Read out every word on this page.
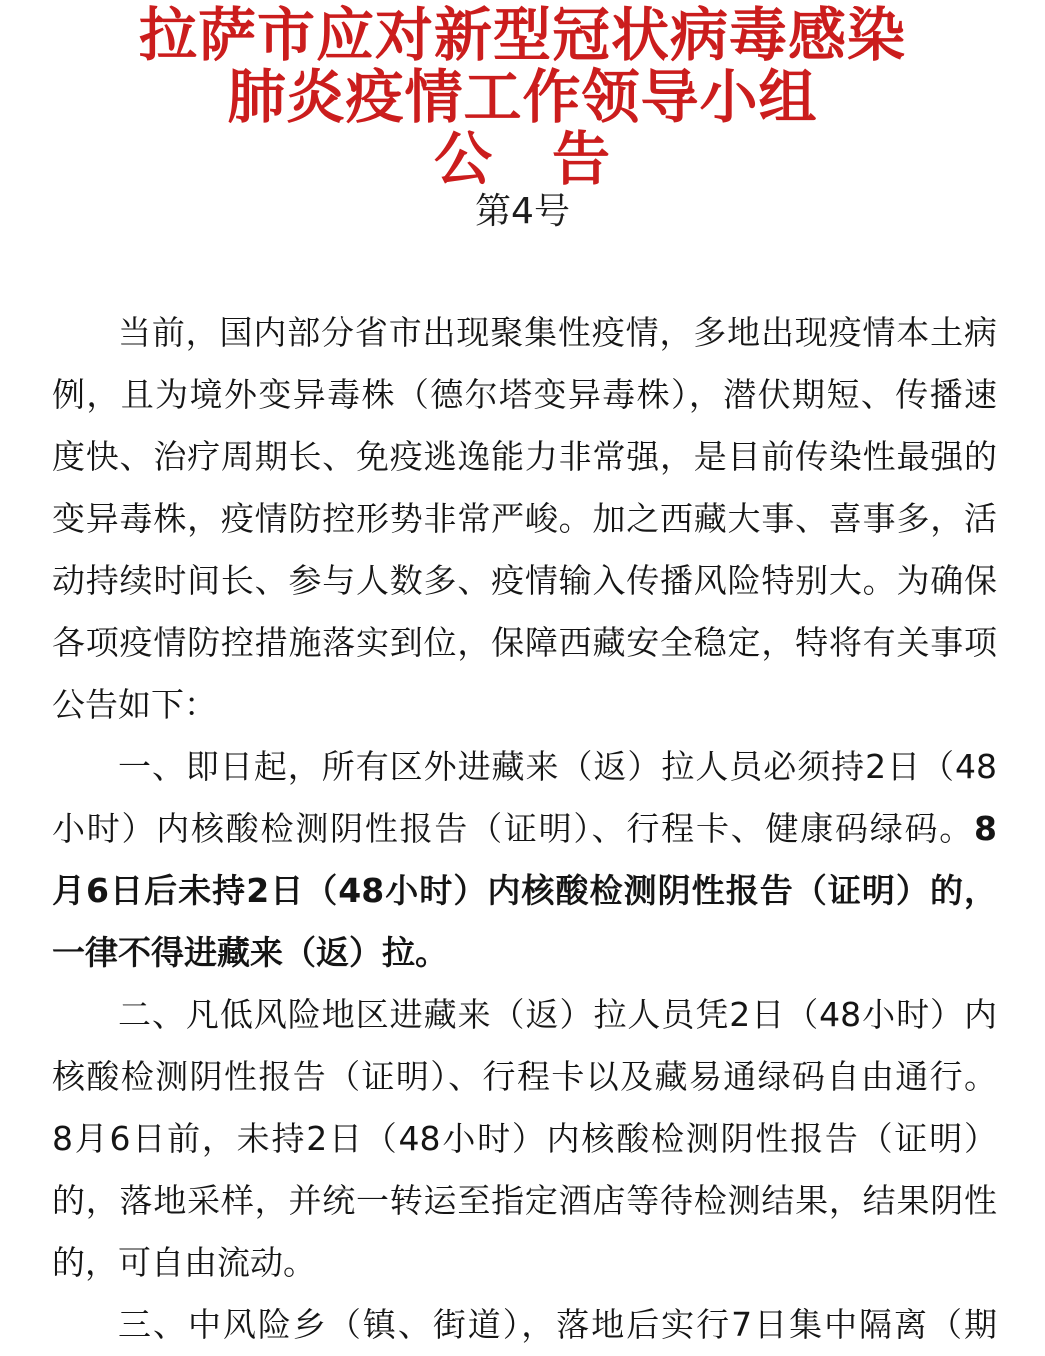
拉萨市应对新型冠状病毒感染
肺炎疫情工作领导小组
公　告
第4号
当前，国内部分省市出现聚集性疫情，多地出现疫情本土病
例，且为境外变异毒株（德尔塔变异毒株），潜伏期短、传播速
度快、治疗周期长、免疫逃逸能力非常强，是目前传染性最强的
变异毒株，疫情防控形势非常严峻。加之西藏大事、喜事多，活
动持续时间长、参与人数多、疫情输入传播风险特别大。为确保
各项疫情防控措施落实到位，保障西藏安全稳定，特将有关事项
公告如下：
一、即日起，所有区外进藏来（返）拉人员必须持2日（48
小时）内核酸检测阴性报告（证明）、行程卡、健康码绿码。8
月6日后未持2日（48小时）内核酸检测阴性报告（证明）的，
一律不得进藏来（返）拉。
二、凡低风险地区进藏来（返）拉人员凭2日（48小时）内
核酸检测阴性报告（证明）、行程卡以及藏易通绿码自由通行。
8月6日前，未持2日（48小时）内核酸检测阴性报告（证明）
的，落地采样，并统一转运至指定酒店等待检测结果，结果阴性
的，可自由流动。
三、中风险乡（镇、街道），落地后实行7日集中隔离（期
